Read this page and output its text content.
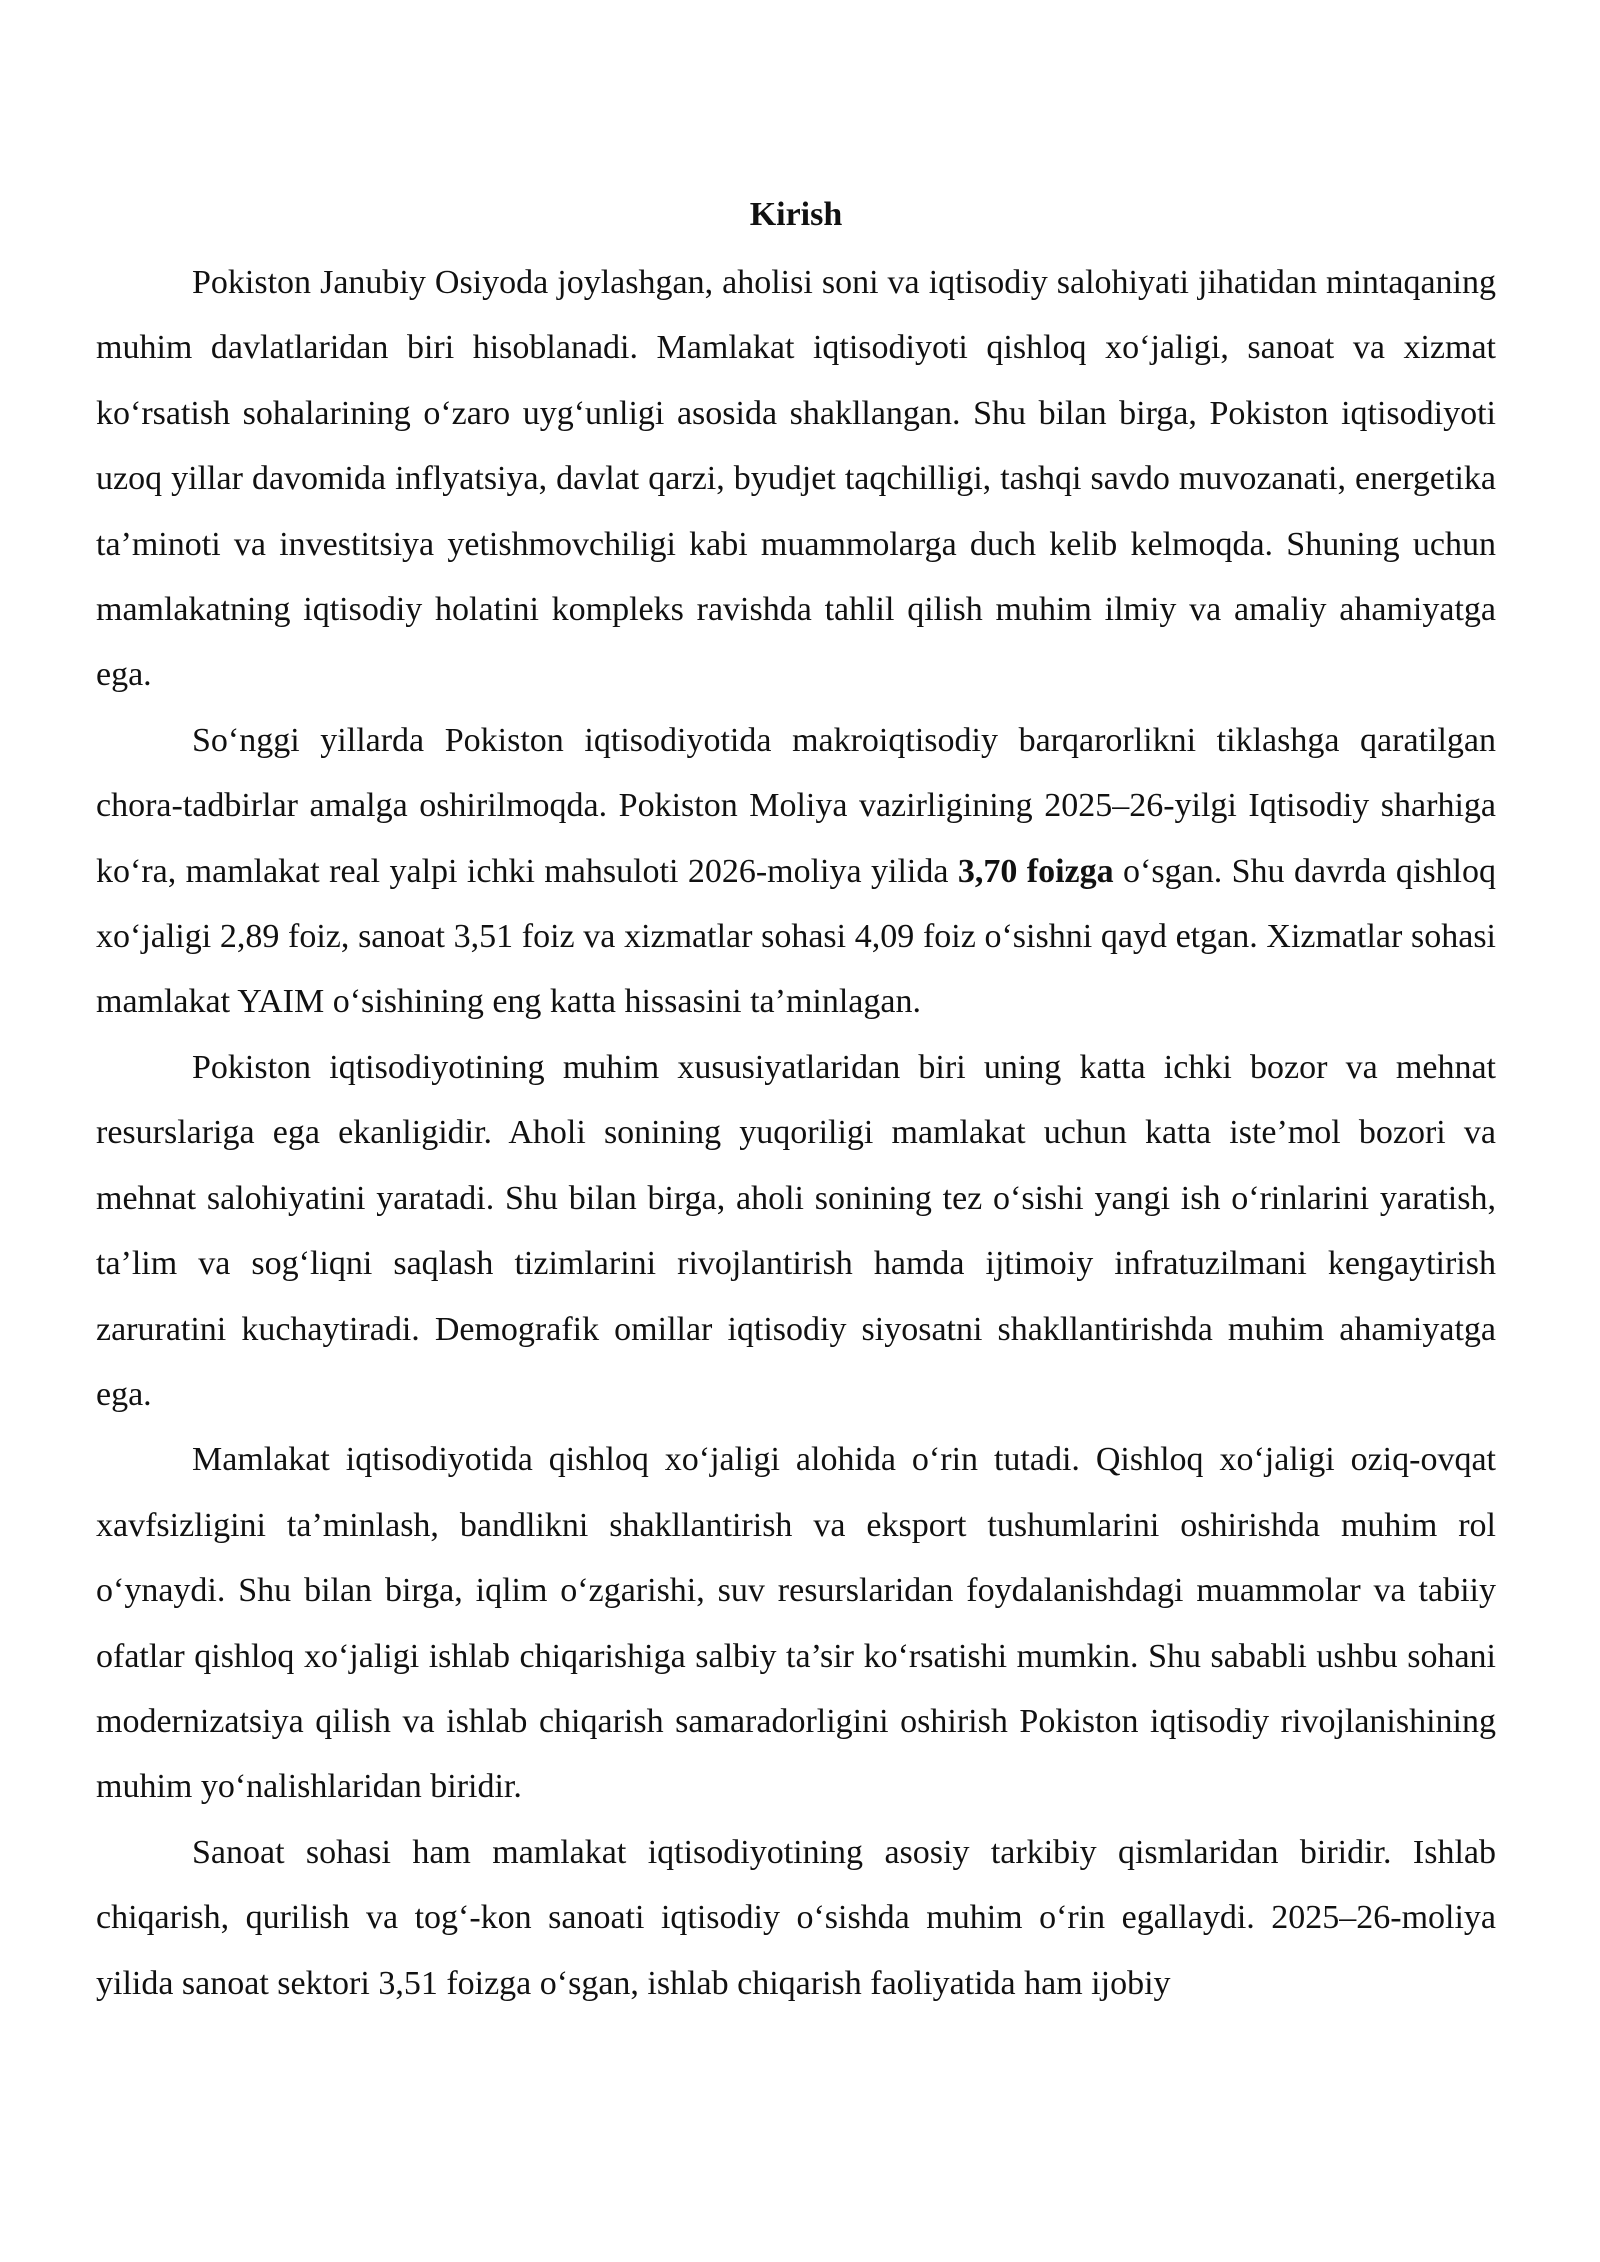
Kirish

Pokiston Janubiy Osiyoda joylashgan, aholisi soni va iqtisodiy salohiyati jihatidan mintaqaning muhim davlatlaridan biri hisoblanadi. Mamlakat iqtisodiyoti qishloq xo‘jaligi, sanoat va xizmat ko‘rsatish sohalarining o‘zaro uyg‘unligi asosida shakllangan. Shu bilan birga, Pokiston iqtisodiyoti uzoq yillar davomida inflyatsiya, davlat qarzi, byudjet taqchilligi, tashqi savdo muvozanati, energetika ta’minoti va investitsiya yetishmovchiligi kabi muammolarga duch kelib kelmoqda. Shuning uchun mamlakatning iqtisodiy holatini kompleks ravishda tahlil qilish muhim ilmiy va amaliy ahamiyatga ega.

So‘nggi yillarda Pokiston iqtisodiyotida makroiqtisodiy barqarorlikni tiklashga qaratilgan chora-tadbirlar amalga oshirilmoqda. Pokiston Moliya vazirligining 2025–26-yilgi Iqtisodiy sharhiga ko‘ra, mamlakat real yalpi ichki mahsuloti 2026-moliya yilida 3,70 foizga o‘sgan. Shu davrda qishloq xo‘jaligi 2,89 foiz, sanoat 3,51 foiz va xizmatlar sohasi 4,09 foiz o‘sishni qayd etgan. Xizmatlar sohasi mamlakat YAIM o‘sishining eng katta hissasini ta’minlagan.

Pokiston iqtisodiyotining muhim xususiyatlaridan biri uning katta ichki bozor va mehnat resurslariga ega ekanligidir. Aholi sonining yuqoriligi mamlakat uchun katta iste’mol bozori va mehnat salohiyatini yaratadi. Shu bilan birga, aholi sonining tez o‘sishi yangi ish o‘rinlarini yaratish, ta’lim va sog‘liqni saqlash tizimlarini rivojlantirish hamda ijtimoiy infratuzilmani kengaytirish zaruratini kuchaytiradi. Demografik omillar iqtisodiy siyosatni shakllantirishda muhim ahamiyatga ega.

Mamlakat iqtisodiyotida qishloq xo‘jaligi alohida o‘rin tutadi. Qishloq xo‘jaligi oziq-ovqat xavfsizligini ta’minlash, bandlikni shakllantirish va eksport tushumlarini oshirishda muhim rol o‘ynaydi. Shu bilan birga, iqlim o‘zgarishi, suv resurslaridan foydalanishdagi muammolar va tabiiy ofatlar qishloq xo‘jaligi ishlab chiqarishiga salbiy ta’sir ko‘rsatishi mumkin. Shu sababli ushbu sohani modernizatsiya qilish va ishlab chiqarish samaradorligini oshirish Pokiston iqtisodiy rivojlanishining muhim yo‘nalishlaridan biridir.

Sanoat sohasi ham mamlakat iqtisodiyotining asosiy tarkibiy qismlaridan biridir. Ishlab chiqarish, qurilish va tog‘-kon sanoati iqtisodiy o‘sishda muhim o‘rin egallaydi. 2025–26-moliya yilida sanoat sektori 3,51 foizga o‘sgan, ishlab chiqarish faoliyatida ham ijobiy
